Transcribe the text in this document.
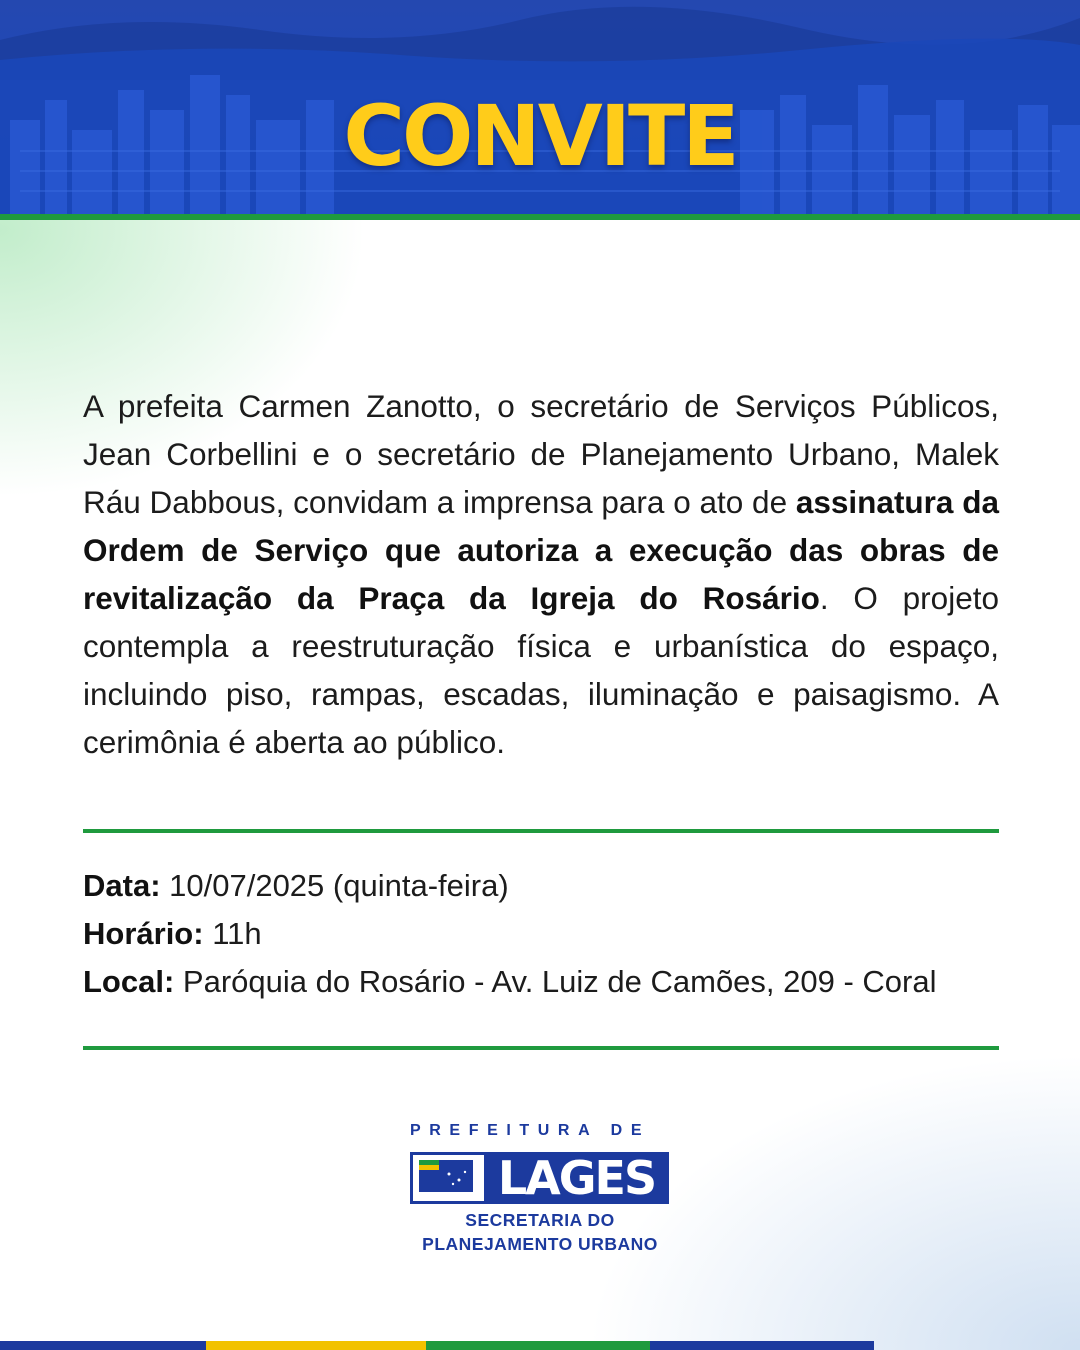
CONVITE
A prefeita Carmen Zanotto, o secretário de Serviços Públicos, Jean Corbellini e o secretário de Planejamento Urbano, Malek Ráu Dabbous, convidam a imprensa para o ato de assinatura da Ordem de Serviço que autoriza a execução das obras de revitalização da Praça da Igreja do Rosário. O projeto contempla a reestruturação física e urbanística do espaço, incluindo piso, rampas, escadas, iluminação e paisagismo. A cerimônia é aberta ao público.
Data: 10/07/2025 (quinta-feira)
Horário: 11h
Local: Paróquia do Rosário - Av. Luiz de Camões, 209 - Coral
PREFEITURA DE
LAGES
SECRETARIA DO
PLANEJAMENTO URBANO
